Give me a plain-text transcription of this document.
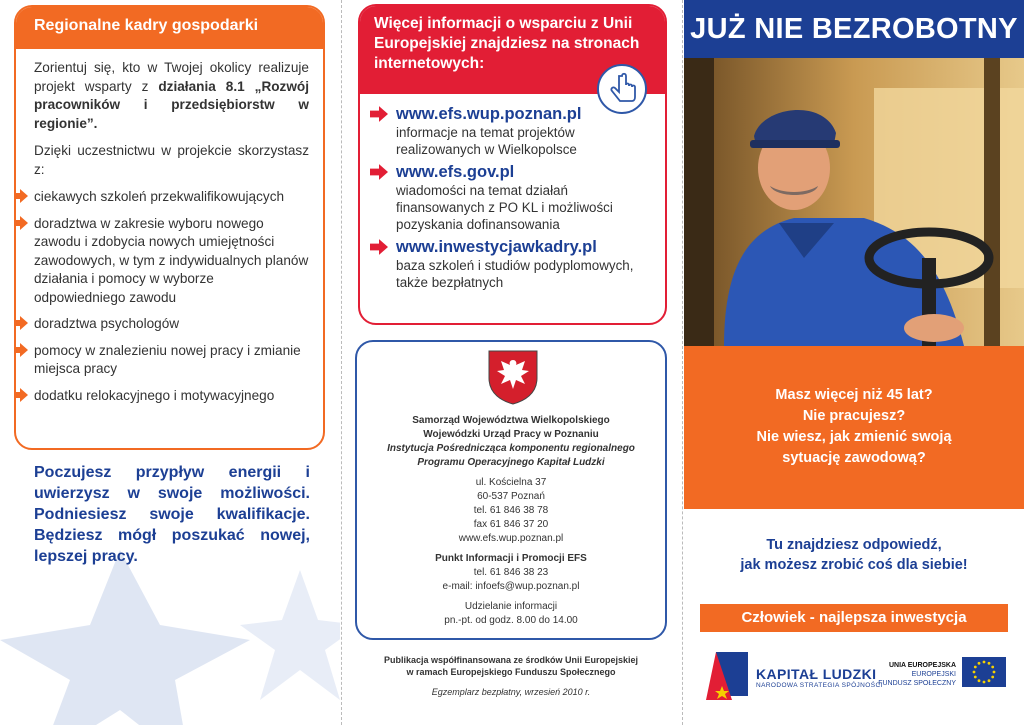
Regionalne kadry gospodarki

Zorientuj się, kto w Twojej okolicy realizuje projekt wsparty z działania 8.1 „Rozwój pracowników i przedsiębiorstw w regionie”.

Dzięki uczestnictwu w projekcie skorzystasz z:

ciekawych szkoleń przekwalifikowujących
doradztwa w zakresie wyboru nowego zawodu i zdobycia nowych umiejętności zawodowych, w tym z indywidualnych planów działania i pomocy w wyborze odpowiedniego zawodu
doradztwa psychologów
pomocy w znalezieniu nowej pracy i zmianie miejsca pracy
dodatku relokacyjnego i motywacyjnego
Poczujesz przypływ energii i uwierzysz w swoje możliwości. Podniesiesz swoje kwalifikacje. Będziesz mógł poszukać nowej, lepszej pracy.
Więcej informacji o wsparciu z Unii Europejskiej znajdziesz na stronach internetowych:
www.efs.wup.poznan.pl
informacje na temat projektów realizowanych w Wielkopolsce
www.efs.gov.pl
wiadomości na temat działań finansowanych z PO KL i możliwości pozyskania dofinansowania
www.inwestycjawkadry.pl
baza szkoleń i studiów podyplomowych, także bezpłatnych
Samorząd Województwa Wielkopolskiego
Wojewódzki Urząd Pracy w Poznaniu
Instytucja Pośrednicząca komponentu regionalnego
Programu Operacyjnego Kapitał Ludzki
ul. Kościelna 37
60-537 Poznań
tel. 61 846 38 78
fax 61 846 37 20
www.efs.wup.poznan.pl
Punkt Informacji i Promocji EFS
tel. 61 846 38 23
e-mail: infoefs@wup.poznan.pl
Udzielanie informacji
pn.-pt. od godz. 8.00 do 14.00
Publikacja współfinansowana ze środków Unii Europejskiej
w ramach Europejskiego Funduszu Społecznego
Egzemplarz bezpłatny, wrzesień 2010 r.
JUŻ NIE BEZROBOTNY
Masz więcej niż 45 lat?
Nie pracujesz?
Nie wiesz, jak zmienić swoją
sytuację zawodową?
Tu znajdziesz odpowiedź,
jak możesz zrobić coś dla siebie!
Człowiek - najlepsza inwestycja
KAPITAŁ LUDZKI
NARODOWA STRATEGIA SPÓJNOŚCI
UNIA EUROPEJSKA
EUROPEJSKI
FUNDUSZ SPOŁECZNY
